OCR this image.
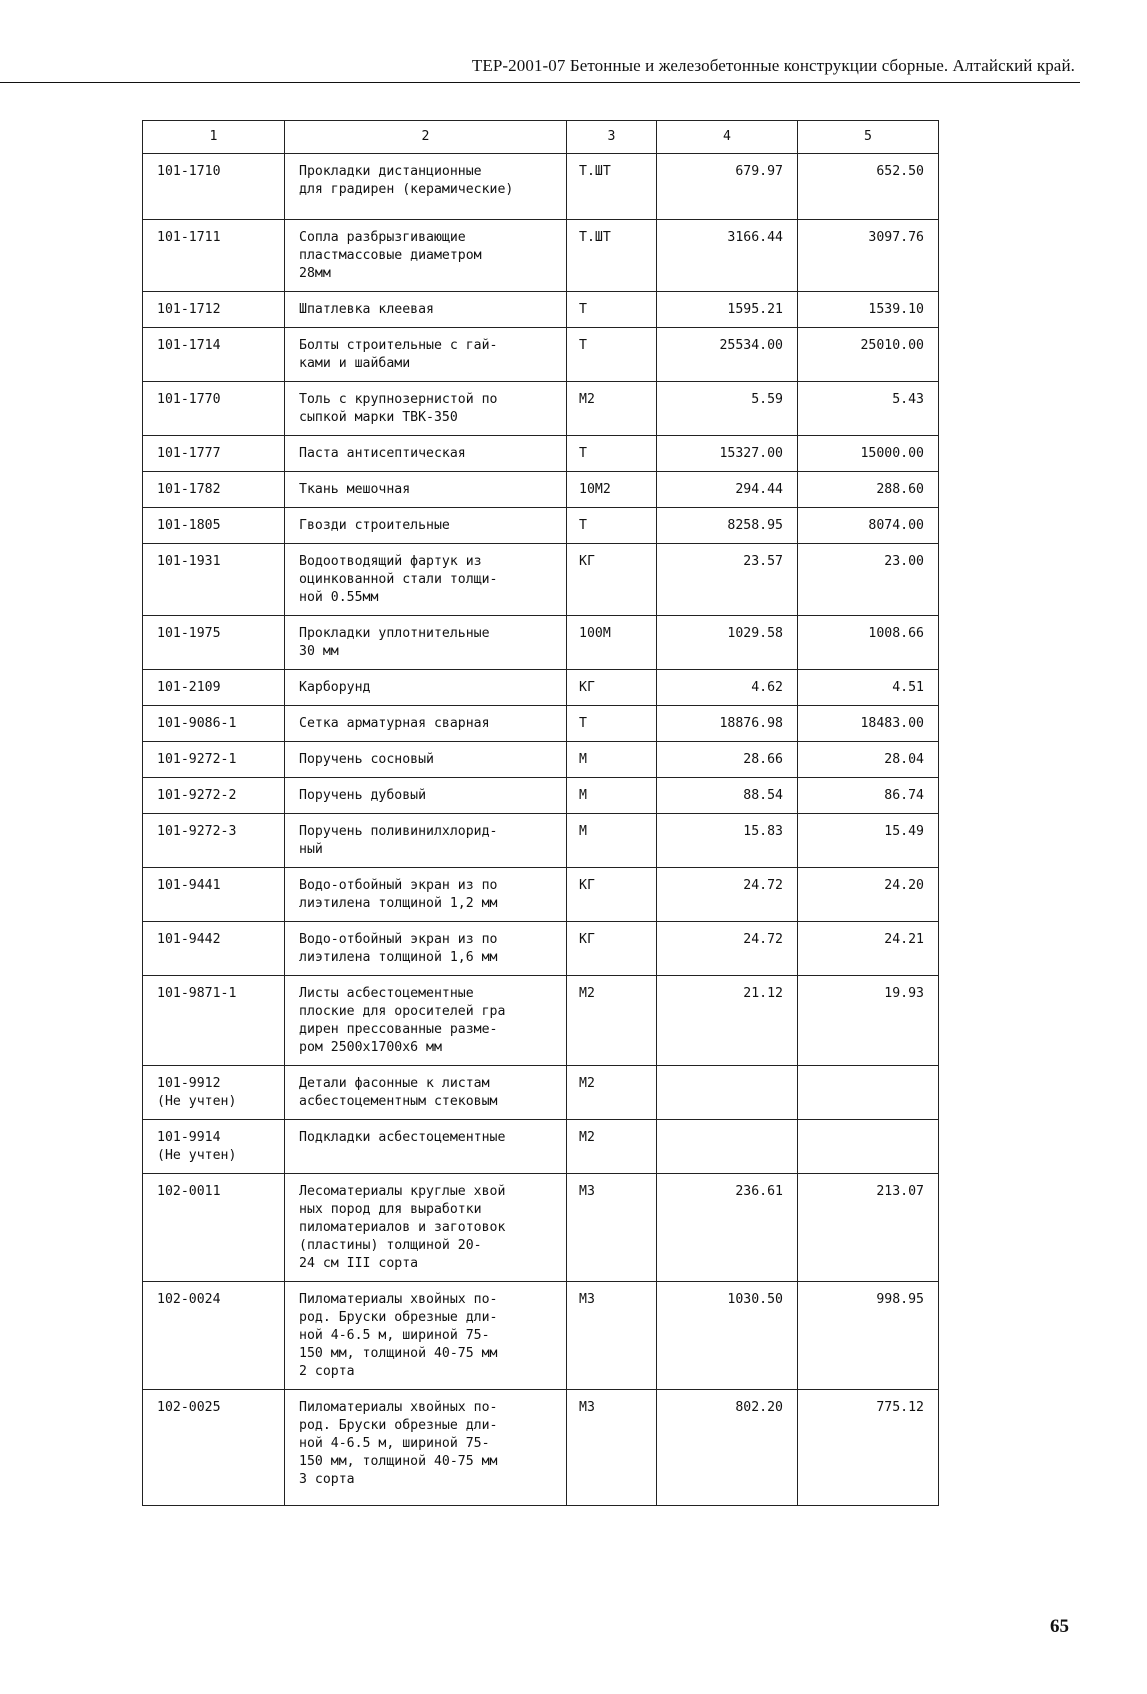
ТЕР-2001-07 Бетонные и железобетонные конструкции сборные. Алтайский край.
1	2	3	4	5
101-1710	Прокладки дистанционные
для градирен (керамические)	Т.ШТ	679.97	652.50
101-1711	Сопла разбрызгивающие
пластмассовые диаметром
28мм	Т.ШТ	3166.44	3097.76
101-1712	Шпатлевка клеевая	Т	1595.21	1539.10
101-1714	Болты строительные с гай-
ками и шайбами	Т	25534.00	25010.00
101-1770	Толь с крупнозернистой по
сыпкой марки ТВК-350	М2	5.59	5.43
101-1777	Паста антисептическая	Т	15327.00	15000.00
101-1782	Ткань мешочная	10М2	294.44	288.60
101-1805	Гвозди строительные	Т	8258.95	8074.00
101-1931	Водоотводящий фартук из
оцинкованной стали толщи-
ной 0.55мм	КГ	23.57	23.00
101-1975	Прокладки уплотнительные
30 мм	100М	1029.58	1008.66
101-2109	Карборунд	КГ	4.62	4.51
101-9086-1	Сетка арматурная сварная	Т	18876.98	18483.00
101-9272-1	Поручень сосновый	М	28.66	28.04
101-9272-2	Поручень дубовый	М	88.54	86.74
101-9272-3	Поручень поливинилхлорид-
ный	М	15.83	15.49
101-9441	Водо-отбойный экран из по
лиэтилена толщиной 1,2 мм	КГ	24.72	24.20
101-9442	Водо-отбойный экран из по
лиэтилена толщиной 1,6 мм	КГ	24.72	24.21
101-9871-1	Листы асбестоцементные
плоские для оросителей гра
дирен прессованные разме-
ром 2500х1700х6 мм	М2	21.12	19.93
101-9912
(Не учтен)	Детали фасонные к листам
асбестоцементным стековым	М2		
101-9914
(Не учтен)	Подкладки асбестоцементные	М2		
102-0011	Лесоматериалы круглые хвой
ных пород для выработки
пиломатериалов и заготовок
(пластины) толщиной 20-
24 см III сорта	М3	236.61	213.07
102-0024	Пиломатериалы хвойных по-
род. Бруски обрезные дли-
ной 4-6.5 м, шириной 75-
150 мм, толщиной 40-75 мм
2 сорта	М3	1030.50	998.95
102-0025	Пиломатериалы хвойных по-
род. Бруски обрезные дли-
ной 4-6.5 м, шириной 75-
150 мм, толщиной 40-75 мм
3 сорта	М3	802.20	775.12
65
